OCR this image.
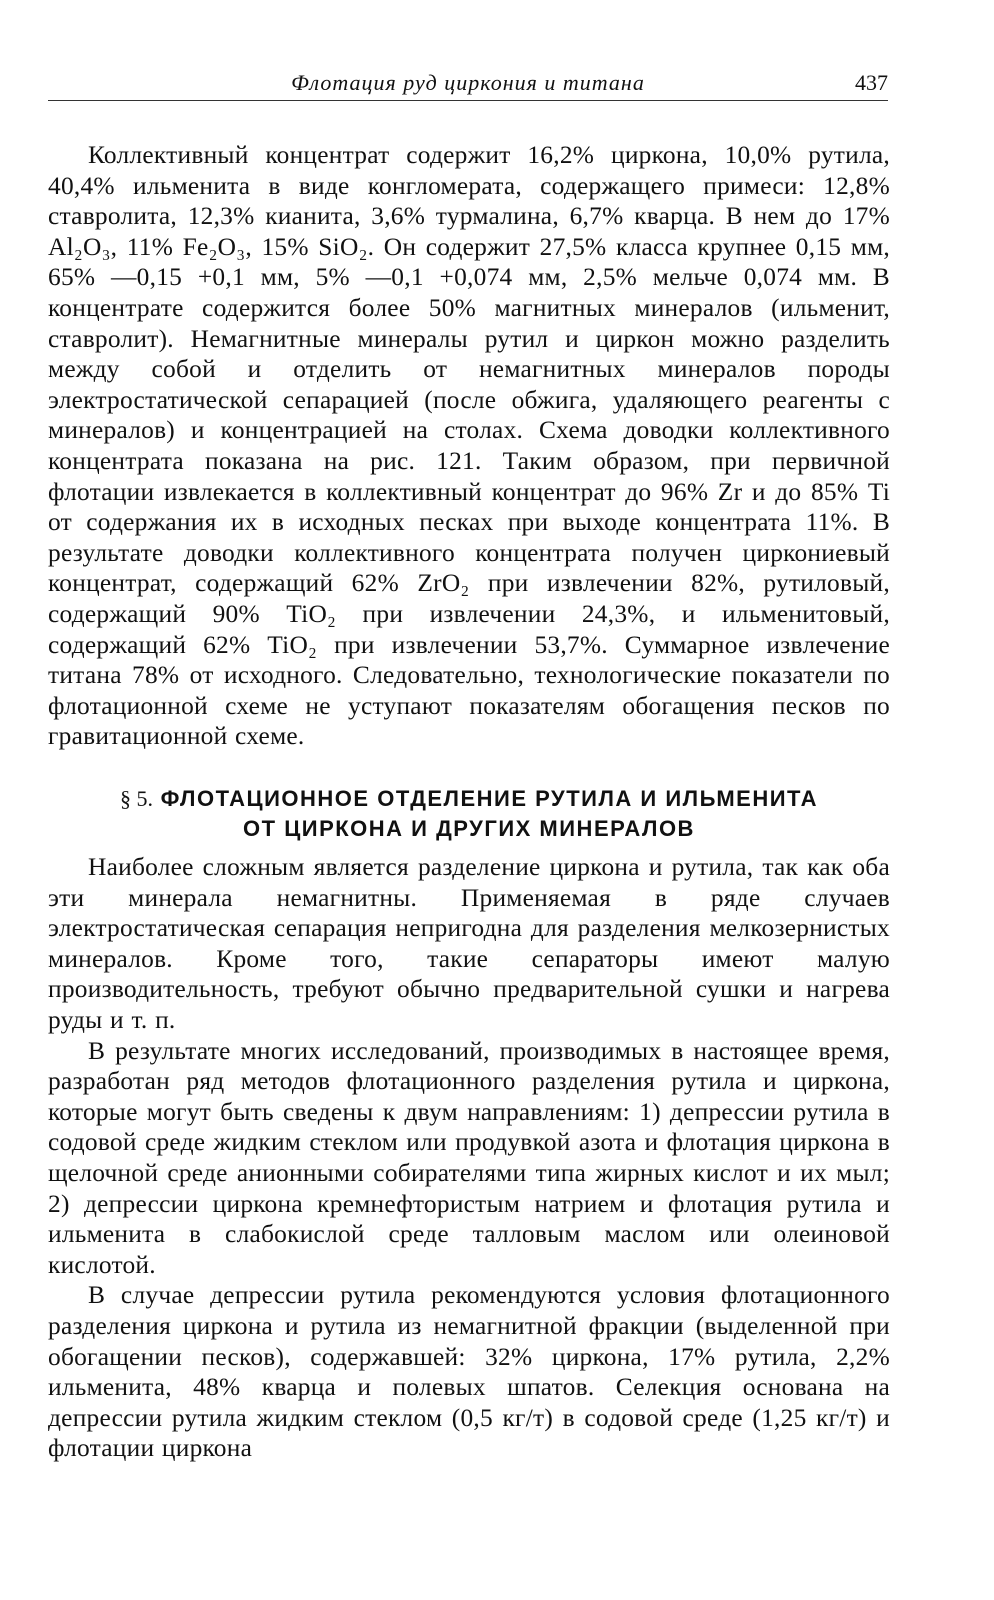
Флотация руд циркония и титана	437

Коллективный концентрат содержит 16,2% циркона, 10,0% рутила, 40,4% ильменита в виде конгломерата, содержащего примеси: 12,8% ставролита, 12,3% кианита, 3,6% турмалина, 6,7% кварца. В нем до 17% Al₂O₃, 11% Fe₂O₃, 15% SiO₂. Он содержит 27,5% класса крупнее 0,15 мм, 65% —0,15 +0,1 мм, 5% —0,1 +0,074 мм, 2,5% мельче 0,074 мм. В концентрате содержится более 50% магнитных минералов (ильменит, ставролит). Немагнитные минералы рутил и циркон можно разделить между собой и отделить от немагнитных минералов породы электростатической сепарацией (после обжига, удаляющего реагенты с минералов) и концентрацией на столах. Схема доводки коллективного концентрата показана на рис. 121. Таким образом, при первичной флотации извлекается в коллективный концентрат до 96% Zr и до 85% Ti от содержания их в исходных песках при выходе концентрата 11%. В результате доводки коллективного концентрата получен циркониевый концентрат, содержащий 62% ZrO₂ при извлечении 82%, рутиловый, содержащий 90% TiO₂ при извлечении 24,3%, и ильменитовый, содержащий 62% TiO₂ при извлечении 53,7%. Суммарное извлечение титана 78% от исходного. Следовательно, технологические показатели по флотационной схеме не уступают показателям обогащения песков по гравитационной схеме.

§ 5. ФЛОТАЦИОННОЕ ОТДЕЛЕНИЕ РУТИЛА И ИЛЬМЕНИТА
ОТ ЦИРКОНА И ДРУГИХ МИНЕРАЛОВ

Наиболее сложным является разделение циркона и рутила, так как оба эти минерала немагнитны. Применяемая в ряде случаев электростатическая сепарация непригодна для разделения мелкозернистых минералов. Кроме того, такие сепараторы имеют малую производительность, требуют обычно предварительной сушки и нагрева руды и т. п.

В результате многих исследований, производимых в настоящее время, разработан ряд методов флотационного разделения рутила и циркона, которые могут быть сведены к двум направлениям: 1) депрессии рутила в содовой среде жидким стеклом или продувкой азота и флотация циркона в щелочной среде анионными собирателями типа жирных кислот и их мыл; 2) депрессии циркона кремнефтористым натрием и флотация рутила и ильменита в слабокислой среде талловым маслом или олеиновой кислотой.

В случае депрессии рутила рекомендуются условия флотационного разделения циркона и рутила из немагнитной фракции (выделенной при обогащении песков), содержавшей: 32% циркона, 17% рутила, 2,2% ильменита, 48% кварца и полевых шпатов. Селекция основана на депрессии рутила жидким стеклом (0,5 кг/т) в содовой среде (1,25 кг/т) и флотации циркона
